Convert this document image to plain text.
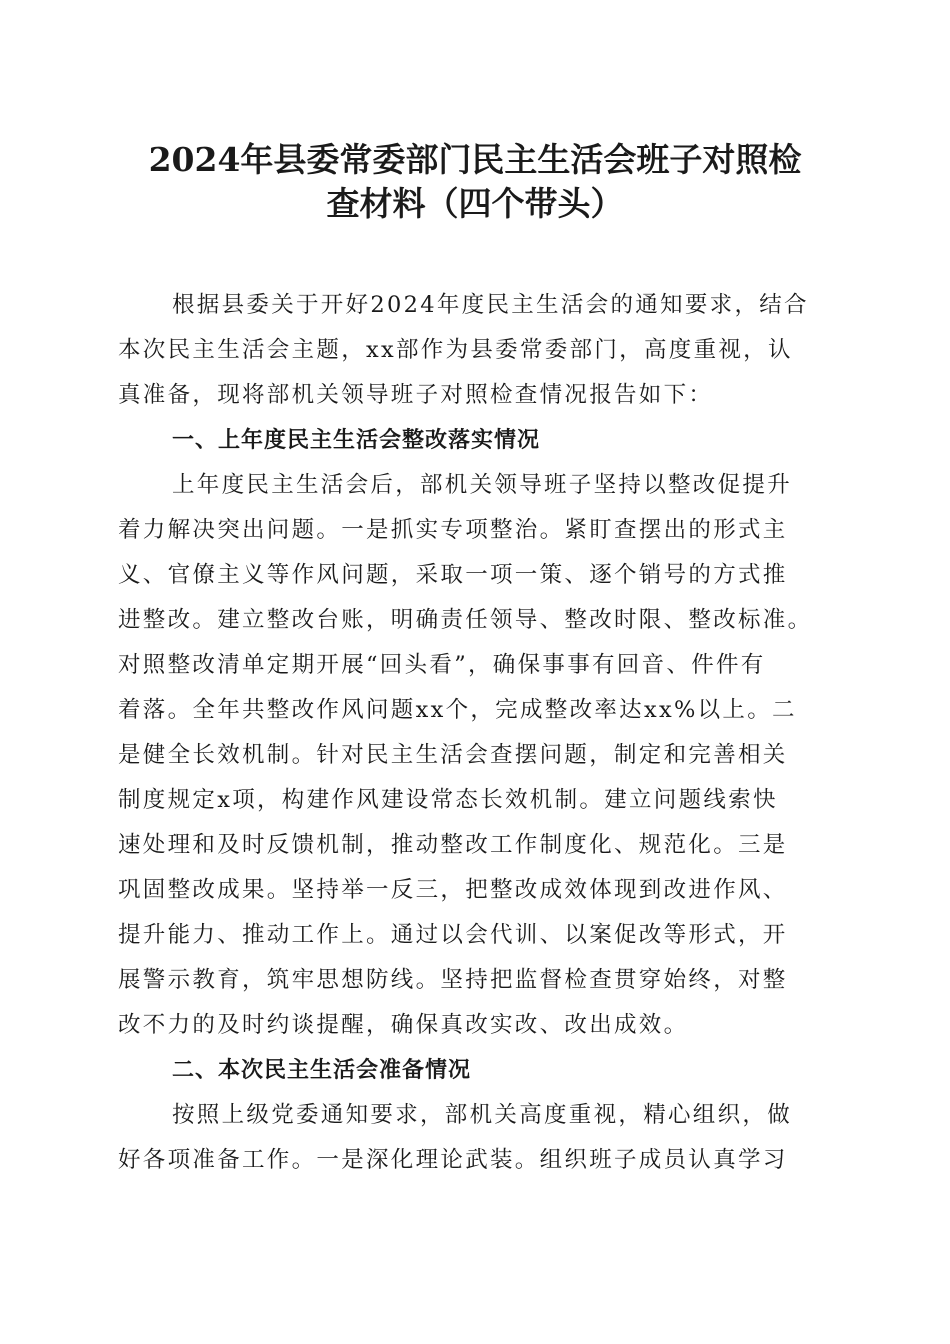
2024年县委常委部门民主生活会班子对照检
查材料（四个带头）
根据县委关于开好2024年度民主生活会的通知要求，结合
本次民主生活会主题，xx部作为县委常委部门，高度重视，认
真准备，现将部机关领导班子对照检查情况报告如下：
一、上年度民主生活会整改落实情况
上年度民主生活会后，部机关领导班子坚持以整改促提升
着力解决突出问题。一是抓实专项整治。紧盯查摆出的形式主
义、官僚主义等作风问题，采取一项一策、逐个销号的方式推
进整改。建立整改台账，明确责任领导、整改时限、整改标准。
对照整改清单定期开展“回头看”，确保事事有回音、件件有
着落。全年共整改作风问题xx个，完成整改率达xx%以上。二
是健全长效机制。针对民主生活会查摆问题，制定和完善相关
制度规定x项，构建作风建设常态长效机制。建立问题线索快
速处理和及时反馈机制，推动整改工作制度化、规范化。三是
巩固整改成果。坚持举一反三，把整改成效体现到改进作风、
提升能力、推动工作上。通过以会代训、以案促改等形式，开
展警示教育，筑牢思想防线。坚持把监督检查贯穿始终，对整
改不力的及时约谈提醒，确保真改实改、改出成效。
二、本次民主生活会准备情况
按照上级党委通知要求，部机关高度重视，精心组织，做
好各项准备工作。一是深化理论武装。组织班子成员认真学习
